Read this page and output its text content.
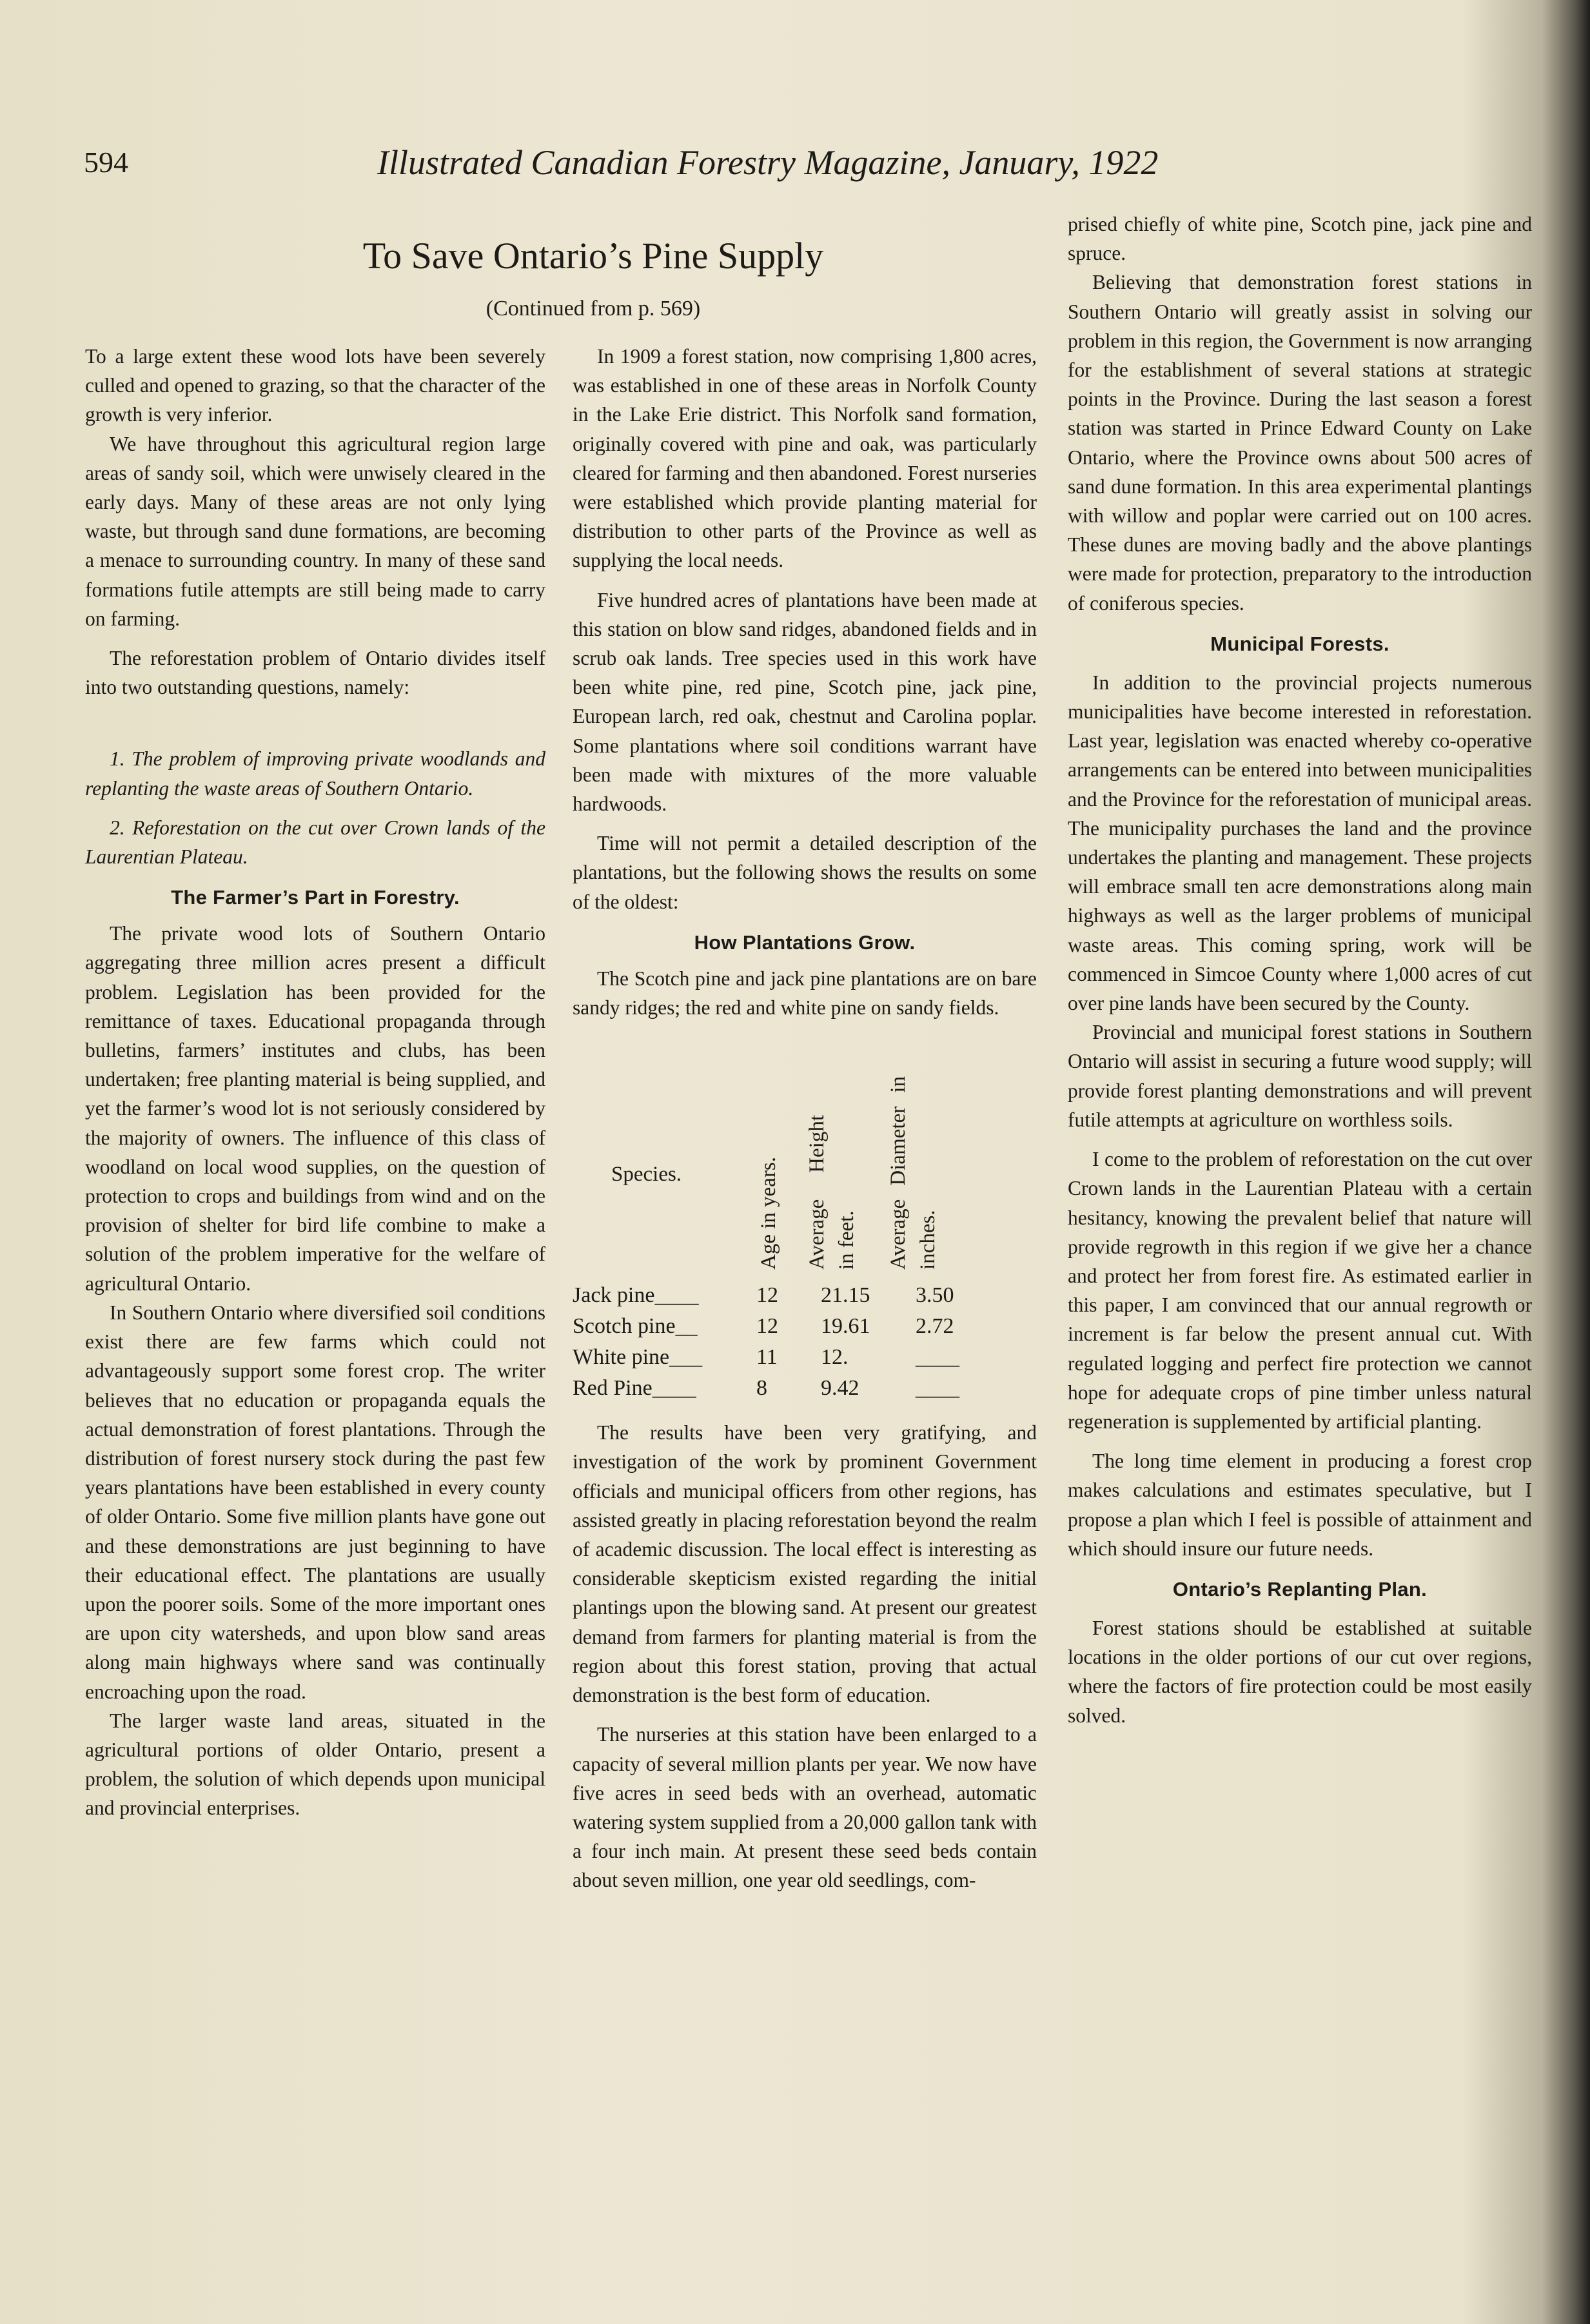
594	Illustrated Canadian Forestry Magazine, January, 1922
To Save Ontario’s Pine Supply
(Continued from p. 569)

To a large extent these wood lots have been severely culled and opened to grazing, so that the character of the growth is very inferior.

We have throughout this agricultural region large areas of sandy soil, which were unwisely cleared in the early days. Many of these areas are not only lying waste, but through sand dune formations, are becoming a menace to surrounding country. In many of these sand formations futile attempts are still being made to carry on farming.

The reforestation problem of Ontario divides itself into two outstanding questions, namely:

1. The problem of improving private woodlands and replanting the waste areas of Southern Ontario.

2. Reforestation on the cut over Crown lands of the Laurentian Plateau.

The Farmer’s Part in Forestry.

The private wood lots of Southern Ontario aggregating three million acres present a difficult problem. Legislation has been provided for the remittance of taxes. Educational propaganda through bulletins, farmers’ institutes and clubs, has been undertaken; free planting material is being supplied, and yet the farmer’s wood lot is not seriously considered by the majority of owners. The influence of this class of woodland on local wood supplies, on the question of protection to crops and buildings from wind and on the provision of shelter for bird life combine to make a solution of the problem imperative for the welfare of agricultural Ontario.

In Southern Ontario where diversified soil conditions exist there are few farms which could not advantageously support some forest crop. The writer believes that no education or propaganda equals the actual demonstration of forest plantations. Through the distribution of forest nursery stock during the past few years plantations have been established in every county of older Ontario. Some five million plants have gone out and these demonstrations are just beginning to have their educational effect. The plantations are usually upon the poorer soils. Some of the more important ones are upon city watersheds, and upon blow sand areas along main highways where sand was continually encroaching upon the road.

The larger waste land areas, situated in the agricultural portions of older Ontario, present a problem, the solution of which depends upon municipal and provincial enterprises.

In 1909 a forest station, now comprising 1,800 acres, was established in one of these areas in Norfolk County in the Lake Erie district. This Norfolk sand formation, originally covered with pine and oak, was particularly cleared for farming and then abandoned. Forest nurseries were established which provide planting material for distribution to other parts of the Province as well as supplying the local needs.

Five hundred acres of plantations have been made at this station on blow sand ridges, abandoned fields and in scrub oak lands. Tree species used in this work have been white pine, red pine, Scotch pine, jack pine, European larch, red oak, chestnut and Carolina poplar. Some plantations where soil conditions warrant have been made with mixtures of the more valuable hardwoods.

Time will not permit a detailed description of the plantations, but the following shows the results on some of the oldest:

How Plantations Grow.

The Scotch pine and jack pine plantations are on bare sandy ridges; the red and white pine on sandy fields.

Species.	Age in years. Average Height in feet. Average Diameter in inches.
Jack pine____	12	21.15	3.50
Scotch pine__	12	19.61	2.72
White pine___	11	12.	____
Red Pine____	8	9.42	____

The results have been very gratifying, and investigation of the work by prominent Government officials and municipal officers from other regions, has assisted greatly in placing reforestation beyond the realm of academic discussion. The local effect is interesting as considerable skepticism existed regarding the initial plantings upon the blowing sand. At present our greatest demand from farmers for planting material is from the region about this forest station, proving that actual demonstration is the best form of education.

The nurseries at this station have been enlarged to a capacity of several million plants per year. We now have five acres in seed beds with an overhead, automatic watering system supplied from a 20,000 gallon tank with a four inch main. At present these seed beds contain about seven million, one year old seedlings, com-

prised chiefly of white pine, Scotch pine, jack pine and spruce.

Believing that demonstration forest stations in Southern Ontario will greatly assist in solving our problem in this region, the Government is now arranging for the establishment of several stations at strategic points in the Province. During the last season a forest station was started in Prince Edward County on Lake Ontario, where the Province owns about 500 acres of sand dune formation. In this area experimental plantings with willow and poplar were carried out on 100 acres. These dunes are moving badly and the above plantings were made for protection, preparatory to the introduction of coniferous species.

Municipal Forests.

In addition to the provincial projects numerous municipalities have become interested in reforestation. Last year, legislation was enacted whereby co-operative arrangements can be entered into between municipalities and the Province for the reforestation of municipal areas. The municipality purchases the land and the province undertakes the planting and management. These projects will embrace small ten acre demonstrations along main highways as well as the larger problems of municipal waste areas. This coming spring, work will be commenced in Simcoe County where 1,000 acres of cut over pine lands have been secured by the County.

Provincial and municipal forest stations in Southern Ontario will assist in securing a future wood supply; will provide forest planting demonstrations and will prevent futile attempts at agriculture on worthless soils.

I come to the problem of reforestation on the cut over Crown lands in the Laurentian Plateau with a certain hesitancy, knowing the prevalent belief that nature will provide regrowth in this region if we give her a chance and protect her from forest fire. As estimated earlier in this paper, I am convinced that our annual regrowth or increment is far below the present annual cut. With regulated logging and perfect fire protection we cannot hope for adequate crops of pine timber unless natural regeneration is supplemented by artificial planting.

The long time element in producing a forest crop makes calculations and estimates speculative, but I propose a plan which I feel is possible of attainment and which should insure our future needs.

Ontario’s Replanting Plan.

Forest stations should be established at suitable locations in the older portions of our cut over regions, where the factors of fire protection could be most easily solved.
